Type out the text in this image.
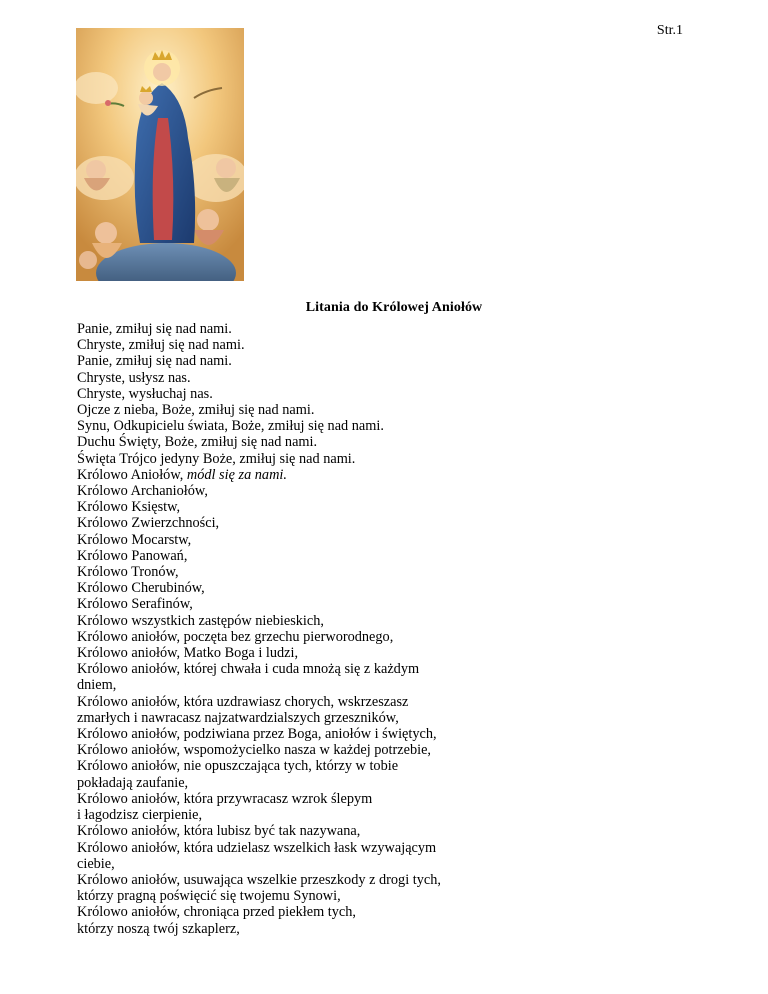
Str.1
Litania do Królowej Aniołów
Panie, zmiłuj się nad nami.
Chryste, zmiłuj się nad nami.
Panie, zmiłuj się nad nami.
Chryste, usłysz nas.
Chryste, wysłuchaj nas.
Ojcze z nieba, Boże, zmiłuj się nad nami.
Synu, Odkupicielu świata, Boże, zmiłuj się nad nami.
Duchu Święty, Boże, zmiłuj się nad nami.
Święta Trójco jedyny Boże, zmiłuj się nad nami.
Królowo Aniołów, módl się za nami.
Królowo Archaniołów,
Królowo Księstw,
Królowo Zwierzchności,
Królowo Mocarstw,
Królowo Panowań,
Królowo Tronów,
Królowo Cherubinów,
Królowo Serafinów,
Królowo wszystkich zastępów niebieskich,
Królowo aniołów, poczęta bez grzechu pierworodnego,
Królowo aniołów, Matko Boga i ludzi,
Królowo aniołów, której chwała i cuda mnożą się z każdym
dniem,
Królowo aniołów, która uzdrawiasz chorych, wskrzeszasz
zmarłych i nawracasz najzatwardzialszych grzeszników,
Królowo aniołów, podziwiana przez Boga, aniołów i świętych,
Królowo aniołów, wspomożycielko nasza w każdej potrzebie,
Królowo aniołów, nie opuszczająca tych, którzy w tobie
pokładają zaufanie,
Królowo aniołów, która przywracasz wzrok ślepym
i łagodzisz cierpienie,
Królowo aniołów, która lubisz być tak nazywana,
Królowo aniołów, która udzielasz wszelkich łask wzywającym
ciebie,
Królowo aniołów, usuwająca wszelkie przeszkody z drogi tych,
którzy pragną poświęcić się twojemu Synowi,
Królowo aniołów, chroniąca przed piekłem tych,
którzy noszą twój szkaplerz,
